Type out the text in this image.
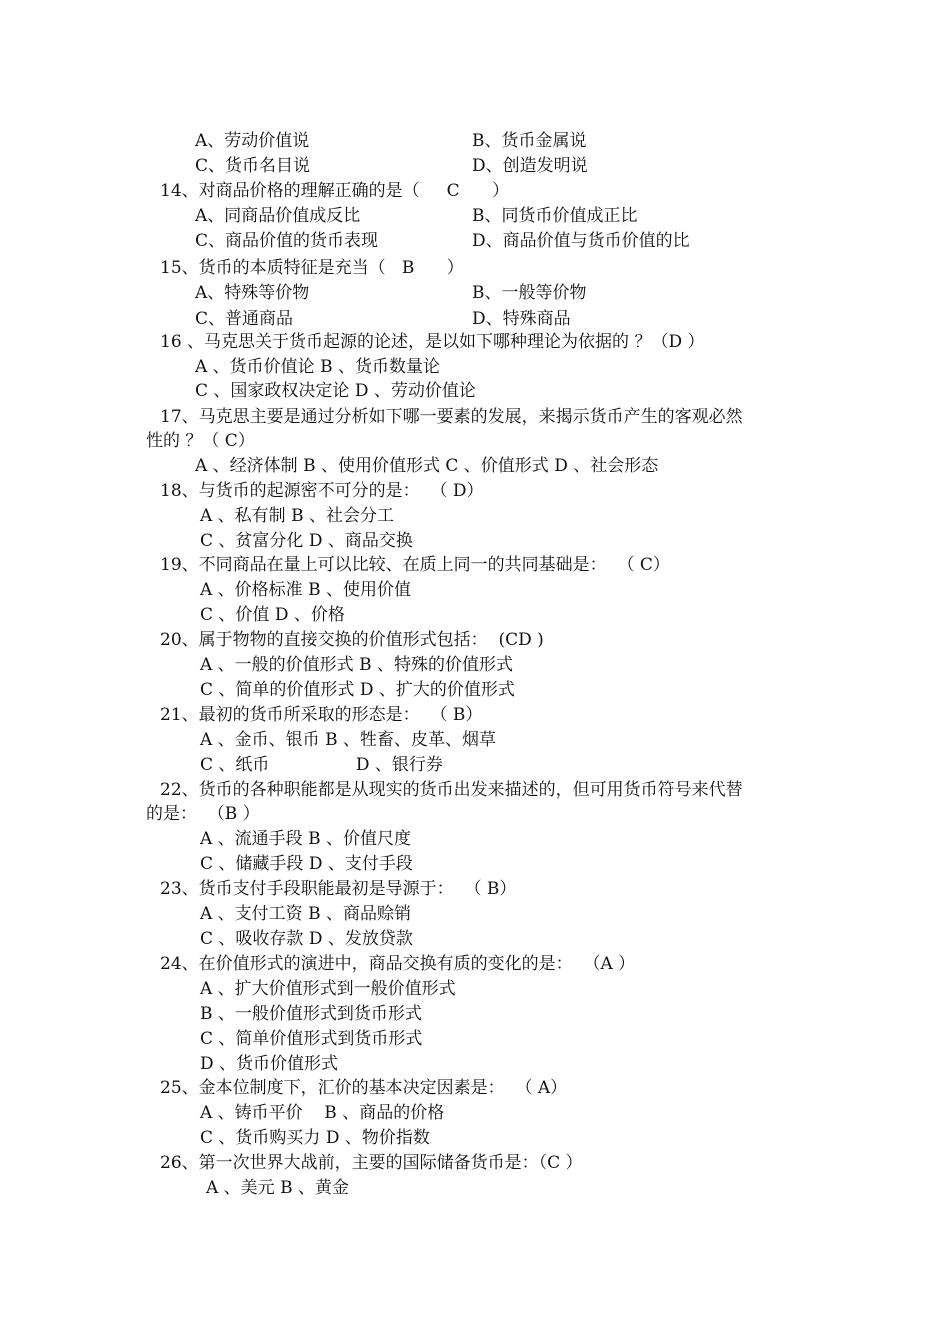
A、劳动价值说	B、货币金属说
C、货币名目说	D、创造发明说
14、对商品价格的理解正确的是（     C      ）
A、同商品价值成反比	B、同货币价值成正比
C、商品价值的货币表现	D、商品价值与货币价值的比
15、货币的本质特征是充当（   B      ）
A、特殊等价物	B、一般等价物
C、普通商品	D、特殊商品
16 、马克思关于货币起源的论述，是以如下哪种理论为依据的 ？（D ）
A 、货币价值论 B 、货币数量论
C 、国家政权决定论 D 、劳动价值论
17、马克思主要是通过分析如下哪一要素的发展，来揭示货币产生的客观必然
性的 ？（ C）
A 、经济体制 B 、使用价值形式 C 、价值形式 D 、社会形态
18、与货币的起源密不可分的是：  （ D）
A 、私有制 B 、社会分工
C 、贫富分化 D 、商品交换
19、不同商品在量上可以比较、在质上同一的共同基础是：  （ C）
A 、价格标准 B 、使用价值
C 、价值 D 、价格
20、属于物物的直接交换的价值形式包括：  (CD )
A 、一般的价值形式 B 、特殊的价值形式
C 、简单的价值形式 D 、扩大的价值形式
21、最初的货币所采取的形态是：  （ B）
A 、金币、银币 B 、牲畜、皮革、烟草
C 、纸币                D 、银行券
22、货币的各种职能都是从现实的货币出发来描述的，但可用货币符号来代替
的是：  （B ）
A 、流通手段 B 、价值尺度
C 、储藏手段 D 、支付手段
23、货币支付手段职能最初是导源于：  （ B）
A 、支付工资 B 、商品赊销
C 、吸收存款 D 、发放贷款
24、在价值形式的演进中，商品交换有质的变化的是：  （A ）
A 、扩大价值形式到一般价值形式
B 、一般价值形式到货币形式
C 、简单价值形式到货币形式
D 、货币价值形式
25、金本位制度下，汇价的基本决定因素是：  （ A）
A 、铸币平价    B 、商品的价格
C 、货币购买力 D 、物价指数
26、第一次世界大战前，主要的国际储备货币是：（C ）
A 、美元 B 、黄金
